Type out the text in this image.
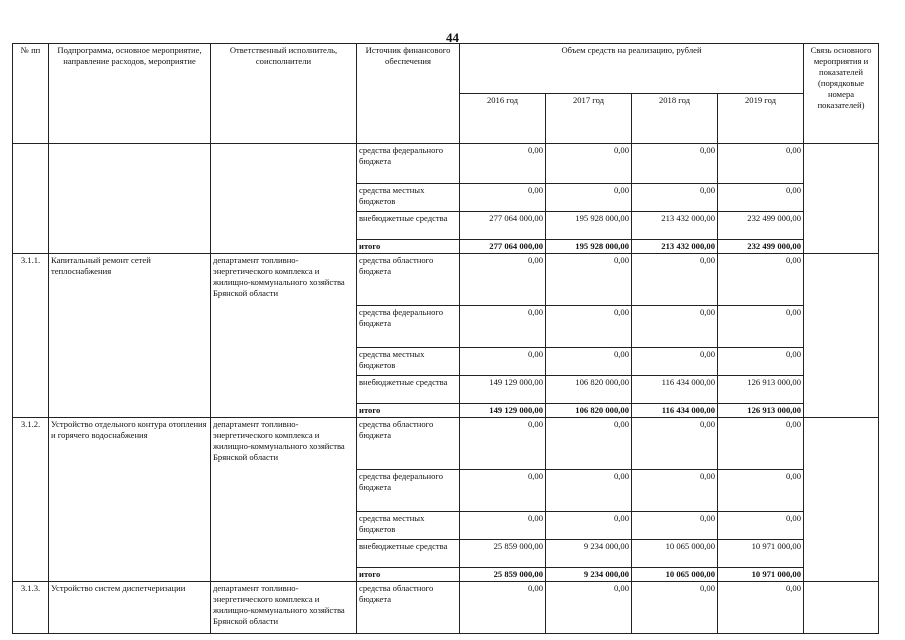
44
№ пп	Подпрограмма, основное мероприятие, направление расходов, мероприятие	Ответственный исполнитель, соисполнители	Источник финансового обеспечения	Объем средств на реализацию, рублей				Связь основного мероприятия и показателей (порядковые номера показателей)
				2016 год	2017 год	2018 год	2019 год	
			средства федерального бюджета	0,00	0,00	0,00	0,00	
			средства местных бюджетов	0,00	0,00	0,00	0,00	
			внебюджетные средства	277 064 000,00	195 928 000,00	213 432 000,00	232 499 000,00	
			итого	277 064 000,00	195 928 000,00	213 432 000,00	232 499 000,00	
3.1.1.	Капитальный ремонт сетей теплоснабжения	департамент топливно-энергетического комплекса и жилищно-коммунального хозяйства Брянской области	средства областного бюджета	0,00	0,00	0,00	0,00	
			средства федерального бюджета	0,00	0,00	0,00	0,00	
			средства местных бюджетов	0,00	0,00	0,00	0,00	
			внебюджетные средства	149 129 000,00	106 820 000,00	116 434 000,00	126 913 000,00	
			итого	149 129 000,00	106 820 000,00	116 434 000,00	126 913 000,00	
3.1.2.	Устройство отдельного контура отопления и горячего водоснабжения	департамент топливно-энергетического комплекса и жилищно-коммунального хозяйства Брянской области	средства областного бюджета	0,00	0,00	0,00	0,00	
			средства федерального бюджета	0,00	0,00	0,00	0,00	
			средства местных бюджетов	0,00	0,00	0,00	0,00	
			внебюджетные средства	25 859 000,00	9 234 000,00	10 065 000,00	10 971 000,00	
			итого	25 859 000,00	9 234 000,00	10 065 000,00	10 971 000,00	
3.1.3.	Устройство систем диспетчеризации	департамент топливно-энергетического комплекса и жилищно-коммунального хозяйства Брянской области	средства областного бюджета	0,00	0,00	0,00	0,00	
